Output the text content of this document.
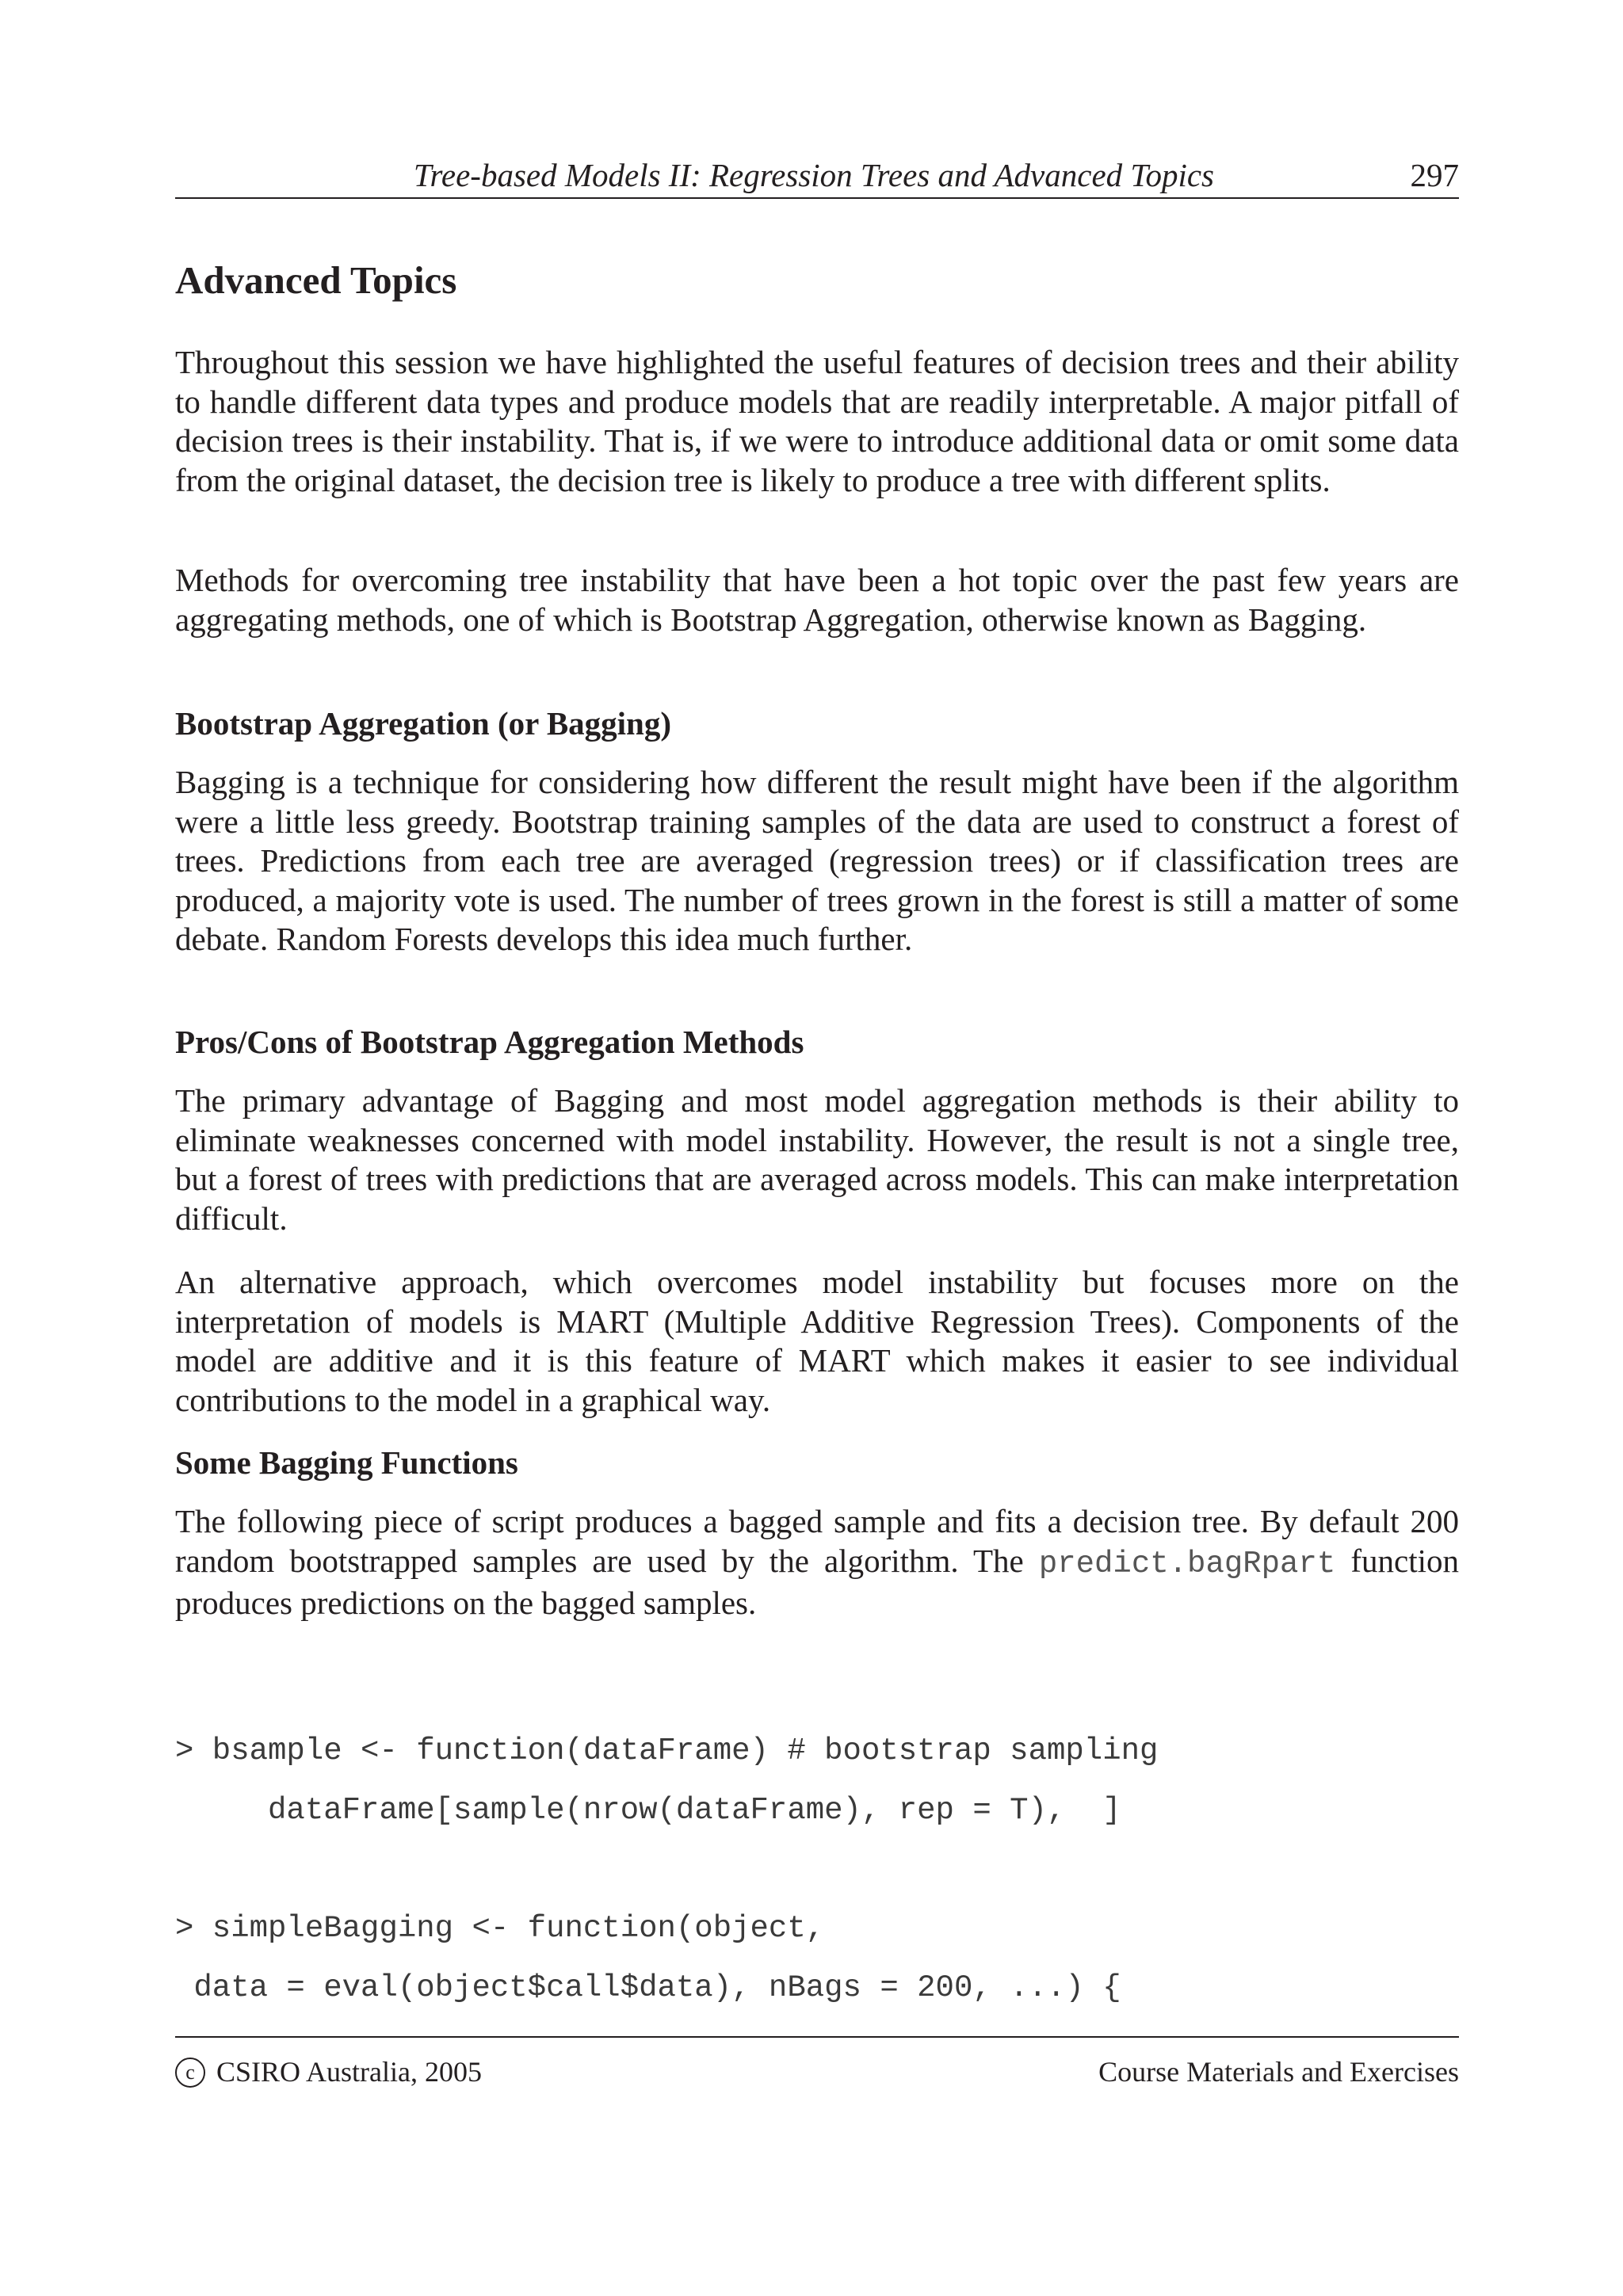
Tree-based Models II: Regression Trees and Advanced Topics	297
Advanced Topics

Throughout this session we have highlighted the useful features of decision trees and their ability to handle different data types and produce models that are readily interpretable. A major pitfall of decision trees is their instability. That is, if we were to introduce additional data or omit some data from the original dataset, the decision tree is likely to produce a tree with different splits.

Methods for overcoming tree instability that have been a hot topic over the past few years are aggregating methods, one of which is Bootstrap Aggregation, otherwise known as Bagging.

Bootstrap Aggregation (or Bagging)

Bagging is a technique for considering how different the result might have been if the algorithm were a little less greedy. Bootstrap training samples of the data are used to construct a forest of trees. Predictions from each tree are averaged (regression trees) or if classification trees are produced, a majority vote is used. The number of trees grown in the forest is still a matter of some debate. Random Forests develops this idea much further.

Pros/Cons of Bootstrap Aggregation Methods

The primary advantage of Bagging and most model aggregation methods is their ability to eliminate weaknesses concerned with model instability. However, the result is not a single tree, but a forest of trees with predictions that are averaged across models. This can make interpretation difficult.

An alternative approach, which overcomes model instability but focuses more on the interpretation of models is MART (Multiple Additive Regression Trees). Components of the model are additive and it is this feature of MART which makes it easier to see individual contributions to the model in a graphical way.

Some Bagging Functions

The following piece of script produces a bagged sample and fits a decision tree. By default 200 random bootstrapped samples are used by the algorithm. The predict.bagRpart function produces predictions on the bagged samples.

> bsample <- function(dataFrame) # bootstrap sampling

dataFrame[sample(nrow(dataFrame), rep = T),  ]

> simpleBagging <- function(object,

data = eval(object$call$data), nBags = 200, ...) {

c CSIRO Australia, 2005	Course Materials and Exercises
